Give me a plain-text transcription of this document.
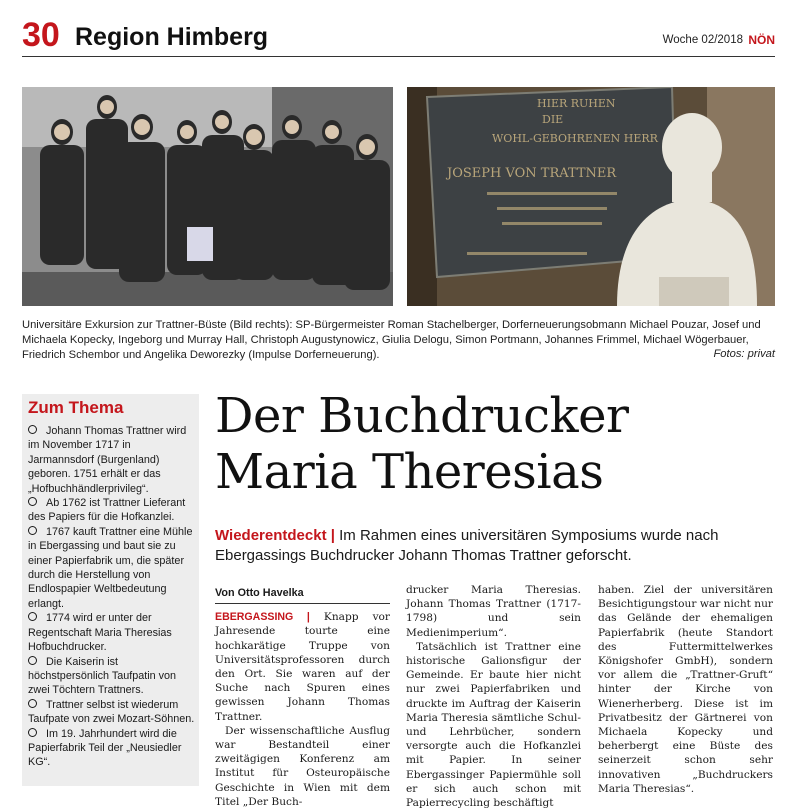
30 Region Himberg	Woche 02/2018 NÖN
HIER RUHEN
DIE
WOHL-GEBOHRENEN HERR
JOSEPH VON TRATTNER
Universitäre Exkursion zur Trattner-Büste (Bild rechts): SP-Bürgermeister Roman Stachelberger, Dorferneuerungsobmann Michael Pouzar, Josef und Michaela Kopecky, Ingeborg und Murray Hall, Christoph Augustynowicz, Giulia Delogu, Simon Portmann, Johannes Frimmel, Michael Wögerbauer, Friedrich Schembor und Angelika Deworezky (Impulse Dorferneuerung).	Fotos: privat
Zum Thema
Johann Thomas Trattner wird im November 1717 in Jarmannsdorf (Burgenland) geboren. 1751 erhält er das „Hofbuchhändlerprivileg“.
Ab 1762 ist Trattner Lieferant des Papiers für die Hofkanzlei.
1767 kauft Trattner eine Mühle in Ebergassing und baut sie zu einer Papierfabrik um, die später durch die Herstellung von Endlospapier Weltbedeutung erlangt.
1774 wird er unter der Regentschaft Maria Theresias Hofbuchdrucker.
Die Kaiserin ist höchstpersönlich Taufpatin von zwei Töchtern Trattners.
Trattner selbst ist wiederum Taufpate von zwei Mozart-Söhnen.
Im 19. Jahrhundert wird die Papierfabrik Teil der „Neusiedler KG“.
Der Buchdrucker
Maria Theresias
Wiederentdeckt | Im Rahmen eines universitären Symposiums wurde nach Ebergassings Buchdrucker Johann Thomas Trattner geforscht.
Von Otto Havelka

EBERGASSING | Knapp vor Jahresende tourte eine hochkarätige Truppe von Universitätsprofessoren durch den Ort. Sie waren auf der Suche nach Spuren eines gewissen Johann Thomas Trattner.

Der wissenschaftliche Ausflug war Bestandteil einer zweitägigen Konferenz am Institut für Osteuropäische Geschichte in Wien mit dem Titel „Der Buch-

drucker Maria Theresias. Johann Thomas Trattner (1717-1798) und sein Medienimperium“.

Tatsächlich ist Trattner eine historische Galionsfigur der Gemeinde. Er baute hier nicht nur zwei Papierfabriken und druckte im Auftrag der Kaiserin Maria Theresia sämtliche Schul- und Lehrbücher, sondern versorgte auch die Hofkanzlei mit Papier. In seiner Ebergassinger Papiermühle soll er sich auch schon mit Papierrecycling beschäftigt

haben. Ziel der universitären Besichtigungstour war nicht nur das Gelände der ehemaligen Papierfabrik (heute Standort des Futtermittelwerkes Königshofer GmbH), sondern vor allem die „Trattner-Gruft“ hinter der Kirche von Wienerherberg. Diese ist im Privatbesitz der Gärtnerei von Michaela Kopecky und beherbergt eine Büste des seinerzeit schon sehr innovativen „Buchdruckers Maria Theresias“.
